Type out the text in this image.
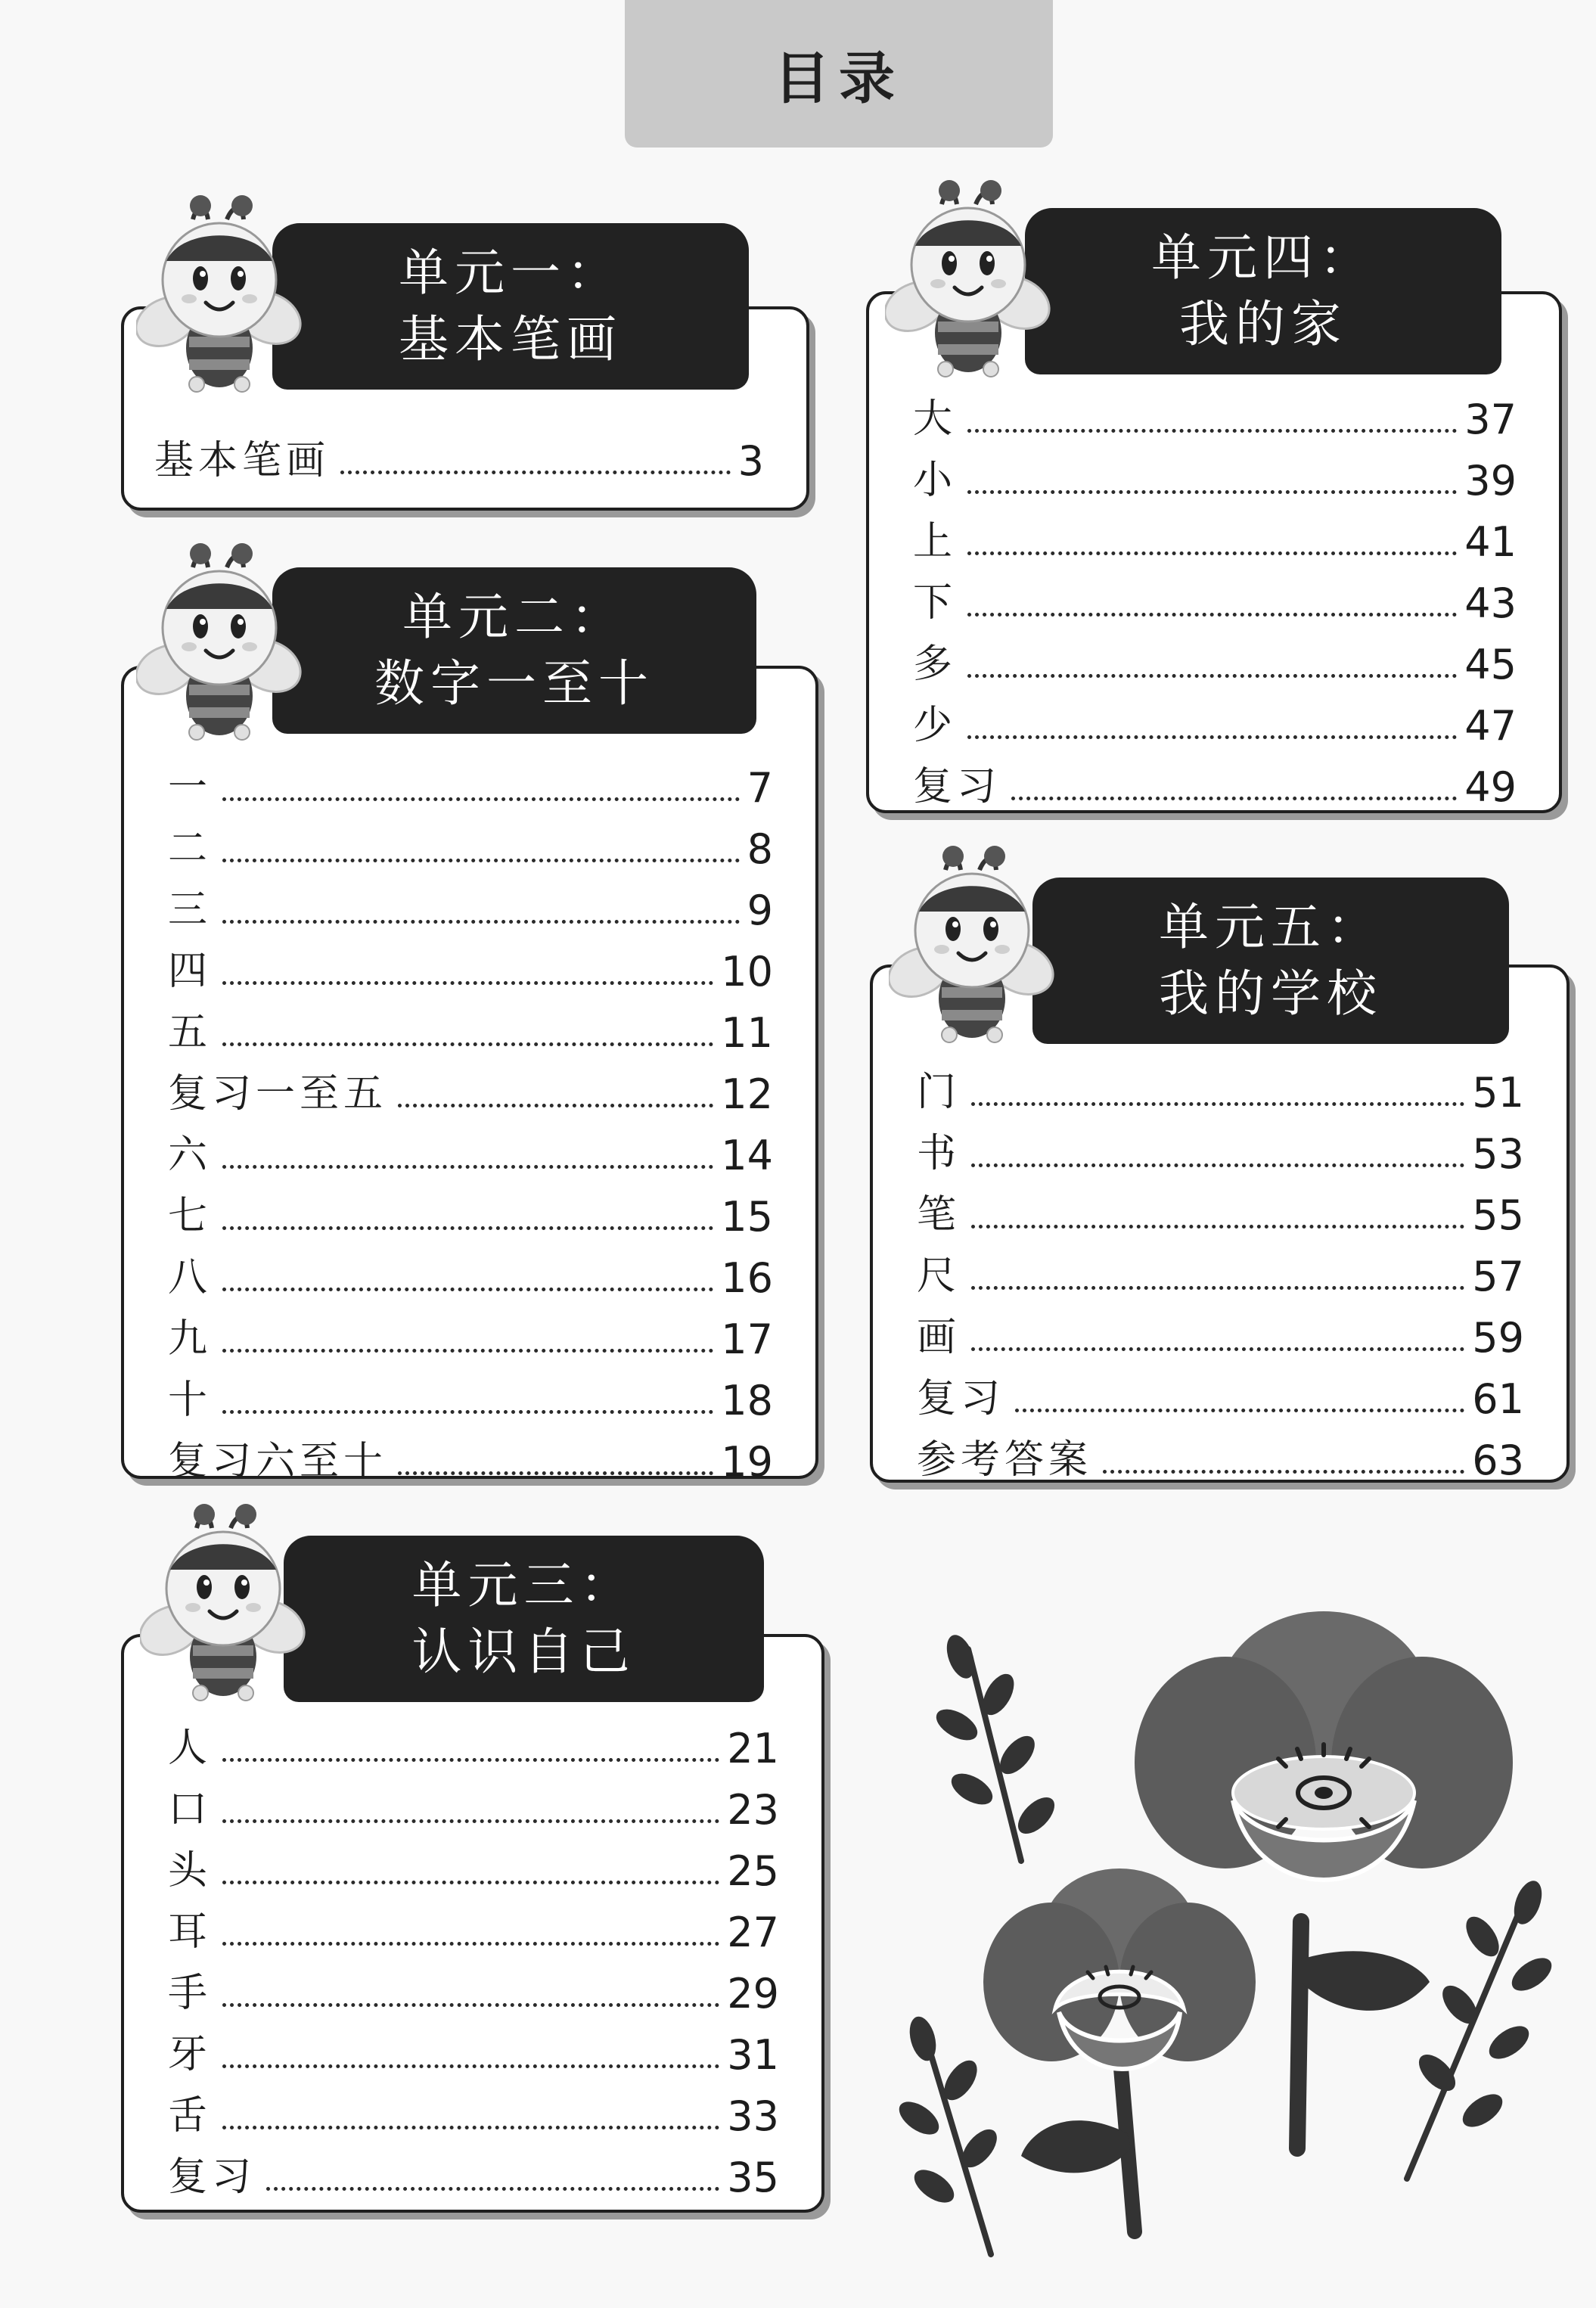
目录
单元一：
基本笔画
基本笔画	3
单元二：
数字一至十
一	7
二	8
三	9
四	10
五	11
复习一至五	12
六	14
七	15
八	16
九	17
十	18
复习六至十	19
单元三：
认识自己
人	21
口	23
头	25
耳	27
手	29
牙	31
舌	33
复习	35
单元四：
我的家
大	37
小	39
上	41
下	43
多	45
少	47
复习	49
单元五：
我的学校
门	51
书	53
笔	55
尺	57
画	59
复习	61
参考答案	63
